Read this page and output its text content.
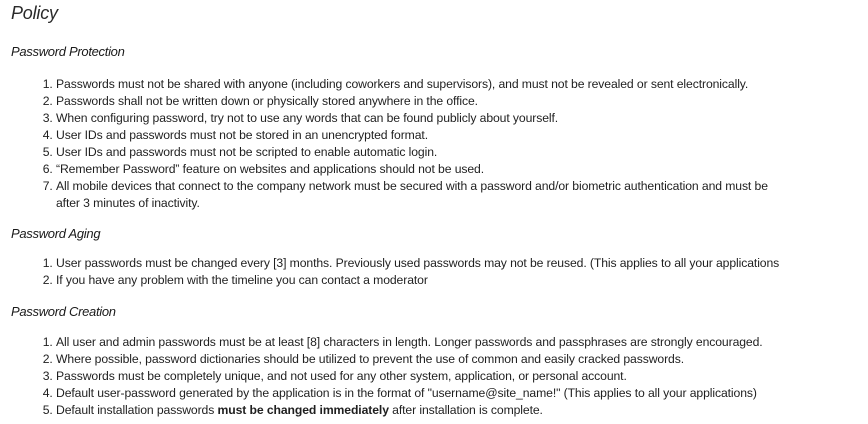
Policy
Password Protection
1. Passwords must not be shared with anyone (including coworkers and supervisors), and must not be revealed or sent electronically.
2. Passwords shall not be written down or physically stored anywhere in the office.
3. When configuring password, try not to use any words that can be found publicly about yourself.
4. User IDs and passwords must not be stored in an unencrypted format.
5. User IDs and passwords must not be scripted to enable automatic login.
6. “Remember Password” feature on websites and applications should not be used.
7. All mobile devices that connect to the company network must be secured with a password and/or biometric authentication and must be
after 3 minutes of inactivity.
Password Aging
1. User passwords must be changed every [3] months. Previously used passwords may not be reused. (This applies to all your applications
2. If you have any problem with the timeline you can contact a moderator
Password Creation
1. All user and admin passwords must be at least [8] characters in length. Longer passwords and passphrases are strongly encouraged.
2. Where possible, password dictionaries should be utilized to prevent the use of common and easily cracked passwords.
3. Passwords must be completely unique, and not used for any other system, application, or personal account.
4. Default user-password generated by the application is in the format of "username@site_name!" (This applies to all your applications)
5. Default installation passwords must be changed immediately after installation is complete.
